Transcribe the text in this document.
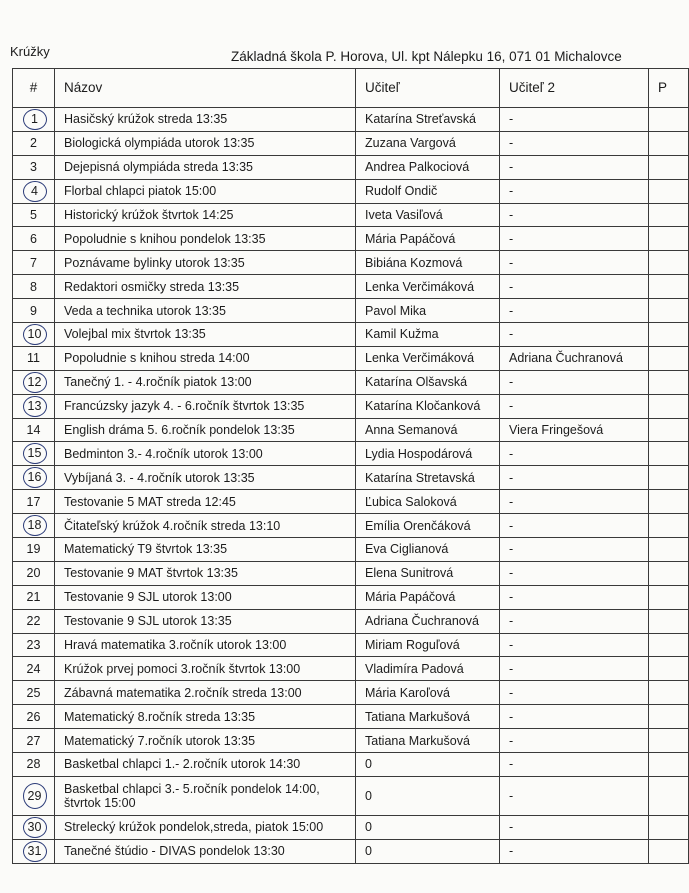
Krúžky	Základná škola P. Horova, Ul. kpt Nálepku 16, 071 01 Michalovce
#	Názov	Učiteľ	Učiteľ 2	P
1	Hasičský krúžok streda 13:35	Katarína Streťavská	-	
2	Biologická olympiáda utorok 13:35	Zuzana Vargová	-	
3	Dejepisná olympiáda streda 13:35	Andrea Palkociová	-	
4	Florbal chlapci piatok 15:00	Rudolf Ondič	-	
5	Historický krúžok štvrtok 14:25	Iveta Vasiľová	-	
6	Popoludnie s knihou pondelok 13:35	Mária Papáčová	-	
7	Poznávame bylinky utorok 13:35	Bibiána Kozmová	-	
8	Redaktori osmičky streda 13:35	Lenka Verčimáková	-	
9	Veda a technika utorok 13:35	Pavol Mika	-	
10	Volejbal mix štvrtok 13:35	Kamil Kužma	-	
11	Popoludnie s knihou streda 14:00	Lenka Verčimáková	Adriana Čuchranová	
12	Tanečný 1. - 4.ročník piatok 13:00	Katarína Olšavská	-	
13	Francúzsky jazyk 4. - 6.ročník štvrtok 13:35	Katarína Kločanková	-	
14	English dráma 5. 6.ročník pondelok 13:35	Anna Semanová	Viera Fringešová	
15	Bedminton 3.- 4.ročník utorok 13:00	Lydia Hospodárová	-	
16	Vybíjaná 3. - 4.ročník utorok 13:35	Katarína Stretavská	-	
17	Testovanie 5 MAT streda 12:45	Ľubica Saloková	-	
18	Čitateľský krúžok 4.ročník streda 13:10	Emília Orenčáková	-	
19	Matematický T9 štvrtok 13:35	Eva Ciglianová	-	
20	Testovanie 9 MAT štvrtok 13:35	Elena Sunitrová	-	
21	Testovanie 9 SJL utorok 13:00	Mária Papáčová	-	
22	Testovanie 9 SJL utorok 13:35	Adriana Čuchranová	-	
23	Hravá matematika 3.ročník utorok 13:00	Miriam Roguľová	-	
24	Krúžok prvej pomoci 3.ročník štvrtok 13:00	Vladimíra Padová	-	
25	Zábavná matematika 2.ročník streda 13:00	Mária Karoľová	-	
26	Matematický 8.ročník streda 13:35	Tatiana Markušová	-	
27	Matematický 7.ročník utorok 13:35	Tatiana Markušová	-	
28	Basketbal chlapci 1.- 2.ročník utorok 14:30	0	-	
29	Basketbal chlapci 3.- 5.ročník pondelok 14:00, štvrtok 15:00	0	-	
30	Strelecký krúžok pondelok,streda, piatok 15:00	0	-	
31	Tanečné štúdio - DIVAS pondelok 13:30	0	-	
